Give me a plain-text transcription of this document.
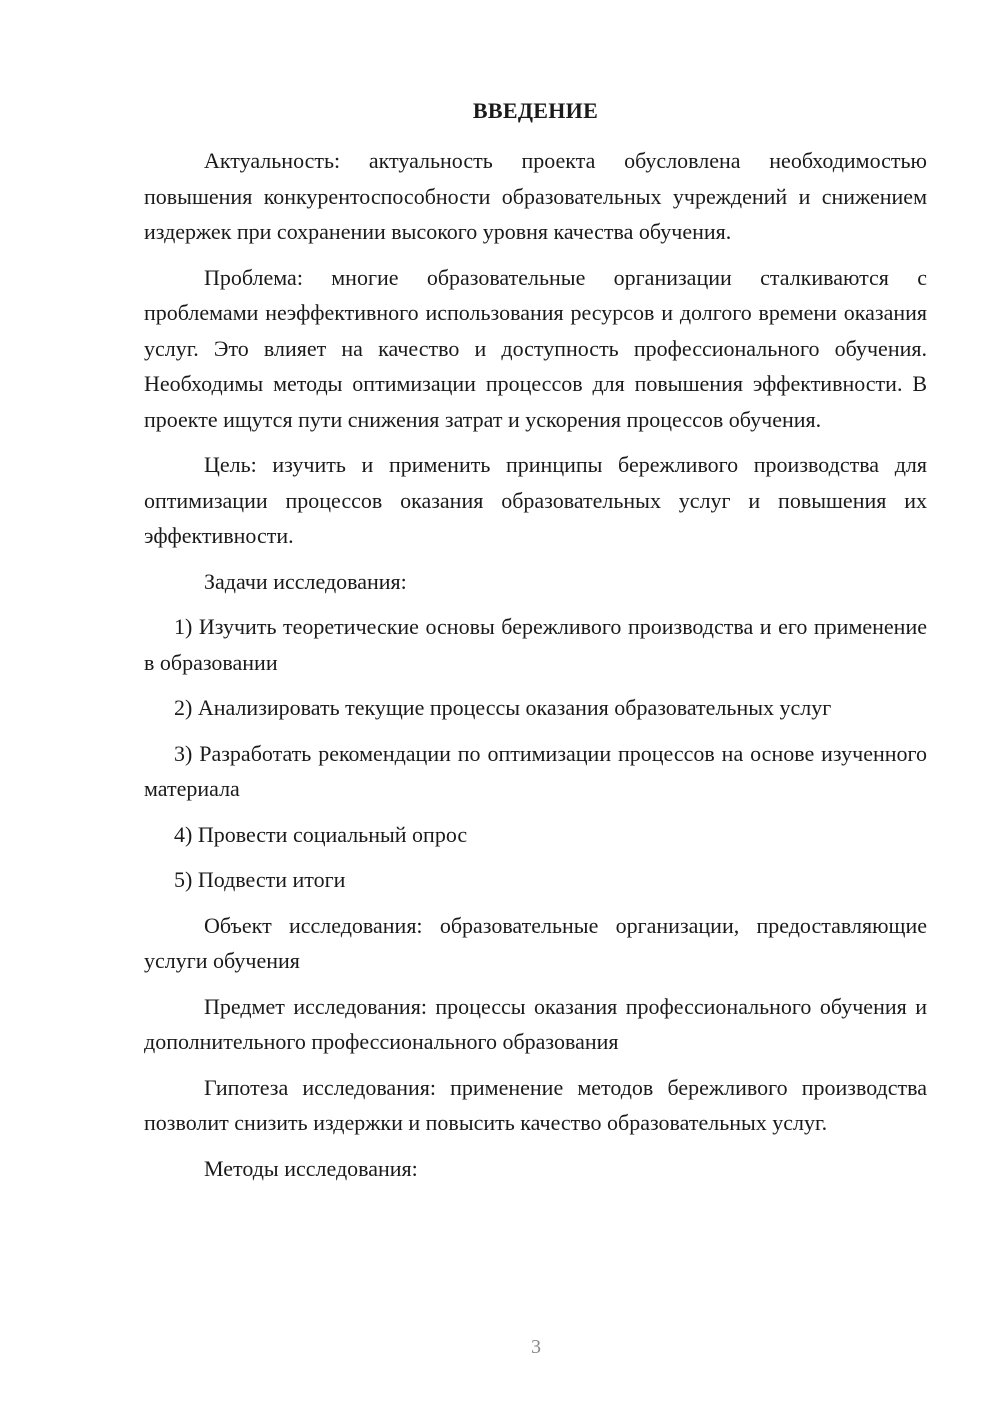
ВВЕДЕНИЕ

Актуальность: актуальность проекта обусловлена необходимостью повышения конкурентоспособности образовательных учреждений и снижением издержек при сохранении высокого уровня качества обучения.

Проблема: многие образовательные организации сталкиваются с проблемами неэффективного использования ресурсов и долгого времени оказания услуг. Это влияет на качество и доступность профессионального обучения. Необходимы методы оптимизации процессов для повышения эффективности. В проекте ищутся пути снижения затрат и ускорения процессов обучения.

Цель: изучить и применить принципы бережливого производства для оптимизации процессов оказания образовательных услуг и повышения их эффективности.

Задачи исследования:

1) Изучить теоретические основы бережливого производства и его применение в образовании

2) Анализировать текущие процессы оказания образовательных услуг

3) Разработать рекомендации по оптимизации процессов на основе изученного материала

4) Провести социальный опрос

5) Подвести итоги

Объект исследования: образовательные организации, предоставляющие услуги обучения

Предмет исследования: процессы оказания профессионального обучения и дополнительного профессионального образования

Гипотеза исследования: применение методов бережливого производства позволит снизить издержки и повысить качество образовательных услуг.

Методы исследования:

3
